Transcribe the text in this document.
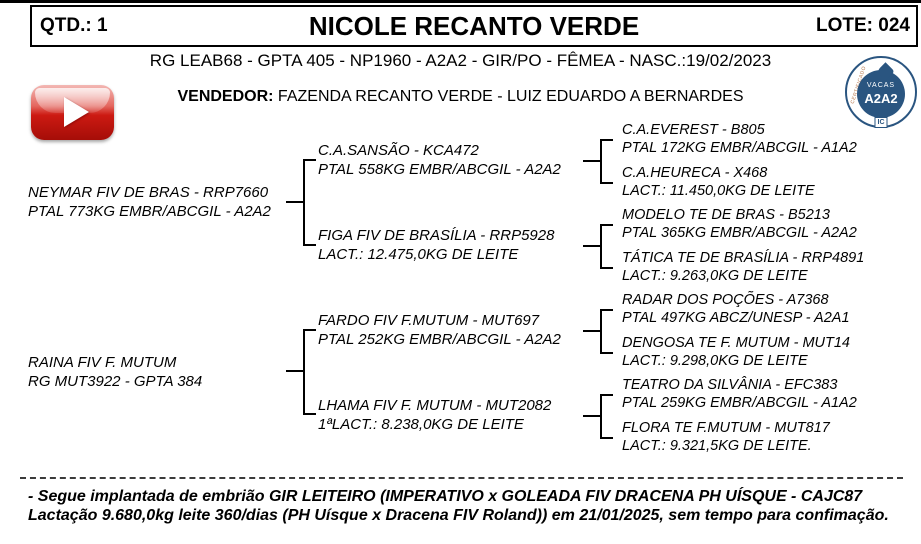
QTD.: 1	NICOLE RECANTO VERDE	LOTE: 024
RG LEAB68 - GPTA 405 - NP1960 - A2A2 - GIR/PO - FÊMEA - NASC.:19/02/2023
VENDEDOR: FAZENDA RECANTO VERDE - LUIZ EDUARDO A BERNARDES
VACAS
A2A2
IC
NEYMAR FIV DE BRAS - RRP7660
PTAL 773KG EMBR/ABCGIL - A2A2
RAINA FIV F. MUTUM
RG MUT3922 - GPTA 384
C.A.SANSÃO - KCA472
PTAL 558KG EMBR/ABCGIL - A2A2
FIGA FIV DE BRASÍLIA - RRP5928
LACT.: 12.475,0KG DE LEITE
FARDO FIV F.MUTUM - MUT697
PTAL 252KG EMBR/ABCGIL - A2A2
LHAMA FIV F. MUTUM - MUT2082
1ªLACT.: 8.238,0KG DE LEITE
C.A.EVEREST - B805
PTAL 172KG EMBR/ABCGIL - A1A2
C.A.HEURECA - X468
LACT.: 11.450,0KG DE LEITE
MODELO TE DE BRAS - B5213
PTAL 365KG EMBR/ABCGIL - A2A2
TÁTICA TE DE BRASÍLIA - RRP4891
LACT.: 9.263,0KG DE LEITE
RADAR DOS POÇÕES - A7368
PTAL 497KG ABCZ/UNESP - A2A1
DENGOSA TE F. MUTUM - MUT14
LACT.: 9.298,0KG DE LEITE
TEATRO DA SILVÂNIA - EFC383
PTAL 259KG EMBR/ABCGIL - A1A2
FLORA TE F.MUTUM - MUT817
LACT.: 9.321,5KG DE LEITE.
- Segue implantada de embrião GIR LEITEIRO (IMPERATIVO x GOLEADA FIV DRACENA PH UÍSQUE - CAJC87
Lactação 9.680,0kg leite 360/dias (PH Uísque x Dracena FIV Roland)) em 21/01/2025, sem tempo para confimação.
